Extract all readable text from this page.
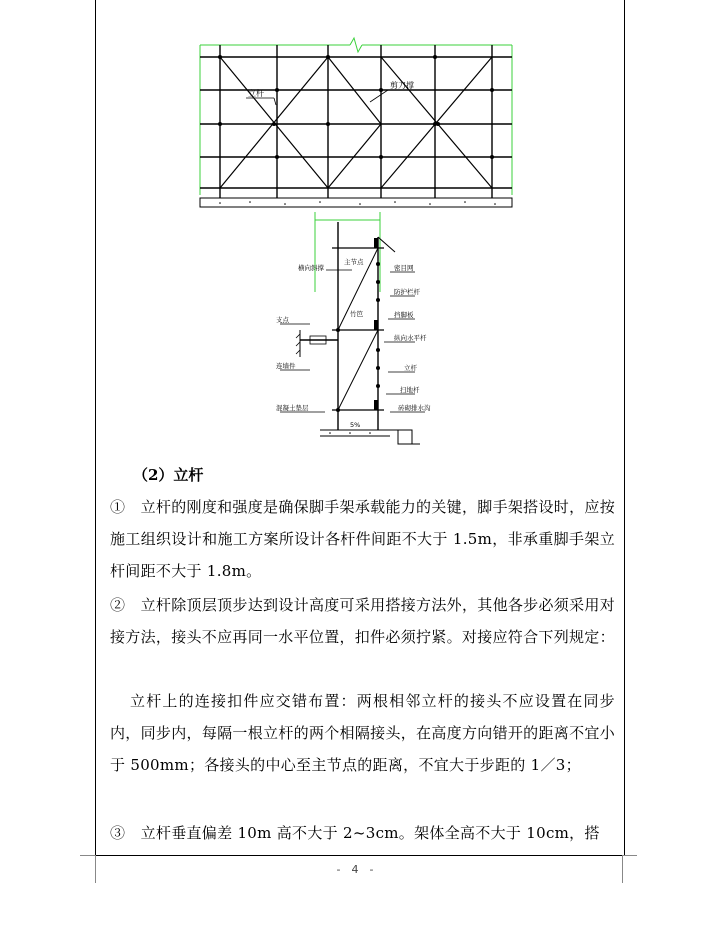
立杆
剪刀撑
主节点
横向斜撑	密目网
防护栏杆
支点
竹笆	挡脚板
纵向水平杆
连墙件	立杆
扫地杆
混凝土垫层	砖砌排水沟
5%
（2）立杆
①　立杆的刚度和强度是确保脚手架承载能力的关键，脚手架搭设时，应按施工组织设计和施工方案所设计各杆件间距不大于 1.5m，非承重脚手架立杆间距不大于 1.8m。
②　立杆除顶层顶步达到设计高度可采用搭接方法外，其他各步必须采用对接方法，接头不应再同一水平位置，扣件必须拧紧。对接应符合下列规定：
立杆上的连接扣件应交错布置：两根相邻立杆的接头不应设置在同步内，同步内，每隔一根立杆的两个相隔接头，在高度方向错开的距离不宜小于 500mm；各接头的中心至主节点的距离，不宜大于步距的 1／3；
③　立杆垂直偏差 10m 高不大于 2~3cm。架体全高不大于 10cm，搭
-　4　-
